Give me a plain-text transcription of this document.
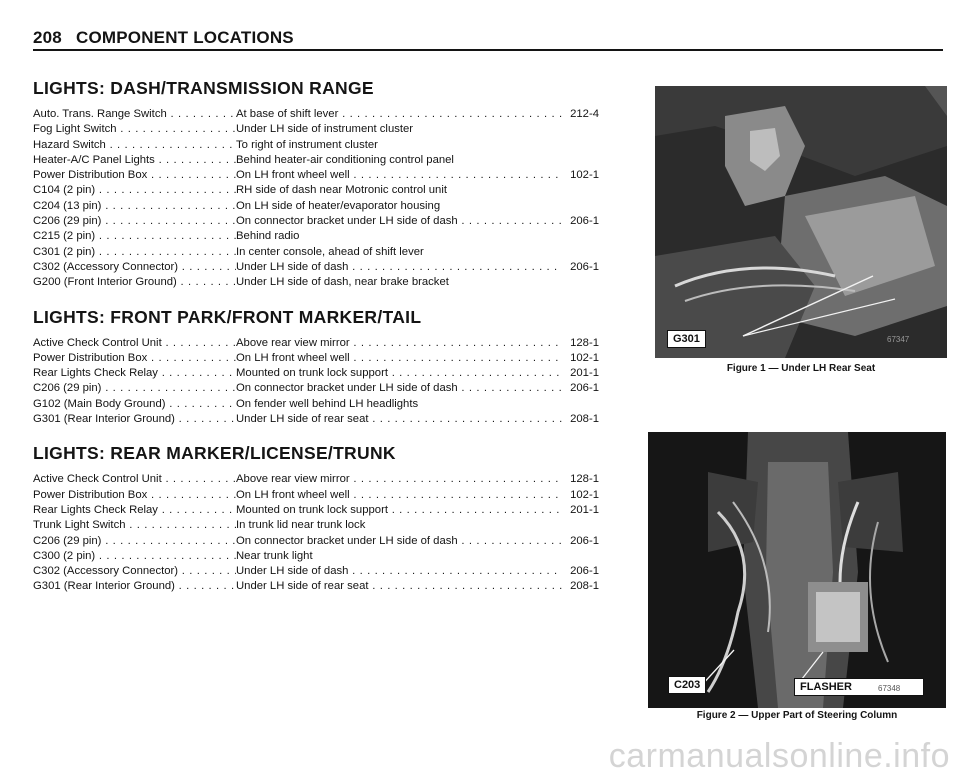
208 COMPONENT LOCATIONS
LIGHTS: DASH/TRANSMISSION RANGE
Auto. Trans. Range Switch . . .	At base of shift lever . . .	212-4
Fog Light Switch . . .	Under LH side of instrument cluster
Hazard Switch . . .	To right of instrument cluster
Heater-A/C Panel Lights . . .	Behind heater-air conditioning control panel
Power Distribution Box . . .	On LH front wheel well . . .	102-1
C104 (2 pin) . . .	RH side of dash near Motronic control unit
C204 (13 pin) . . .	On LH side of heater/evaporator housing
C206 (29 pin) . . .	On connector bracket under LH side of dash . . .	206-1
C215 (2 pin) . . .	Behind radio
C301 (2 pin) . . .	In center console, ahead of shift lever
C302 (Accessory Connector) . . .	Under LH side of dash . . .	206-1
G200 (Front Interior Ground) . . .	Under LH side of dash, near brake bracket
LIGHTS: FRONT PARK/FRONT MARKER/TAIL
Active Check Control Unit . . .	Above rear view mirror . . .	128-1
Power Distribution Box . . .	On LH front wheel well . . .	102-1
Rear Lights Check Relay . . .	Mounted on trunk lock support . . .	201-1
C206 (29 pin) . . .	On connector bracket under LH side of dash . . .	206-1
G102 (Main Body Ground) . . .	On fender well behind LH headlights
G301 (Rear Interior Ground) . . .	Under LH side of rear seat . . .	208-1
LIGHTS: REAR MARKER/LICENSE/TRUNK
Active Check Control Unit . . .	Above rear view mirror . . .	128-1
Power Distribution Box . . .	On LH front wheel well . . .	102-1
Rear Lights Check Relay . . .	Mounted on trunk lock support . . .	201-1
Trunk Light Switch . . .	In trunk lid near trunk lock
C206 (29 pin) . . .	On connector bracket under LH side of dash . . .	206-1
C300 (2 pin) . . .	Near trunk light
C302 (Accessory Connector) . . .	Under LH side of dash . . .	206-1
G301 (Rear Interior Ground) . . .	Under LH side of rear seat . . .	208-1
G301	67347
Figure 1 — Under LH Rear Seat
C203	FLASHER	67348
Figure 2 — Upper Part of Steering Column
carmanualsonline.info
